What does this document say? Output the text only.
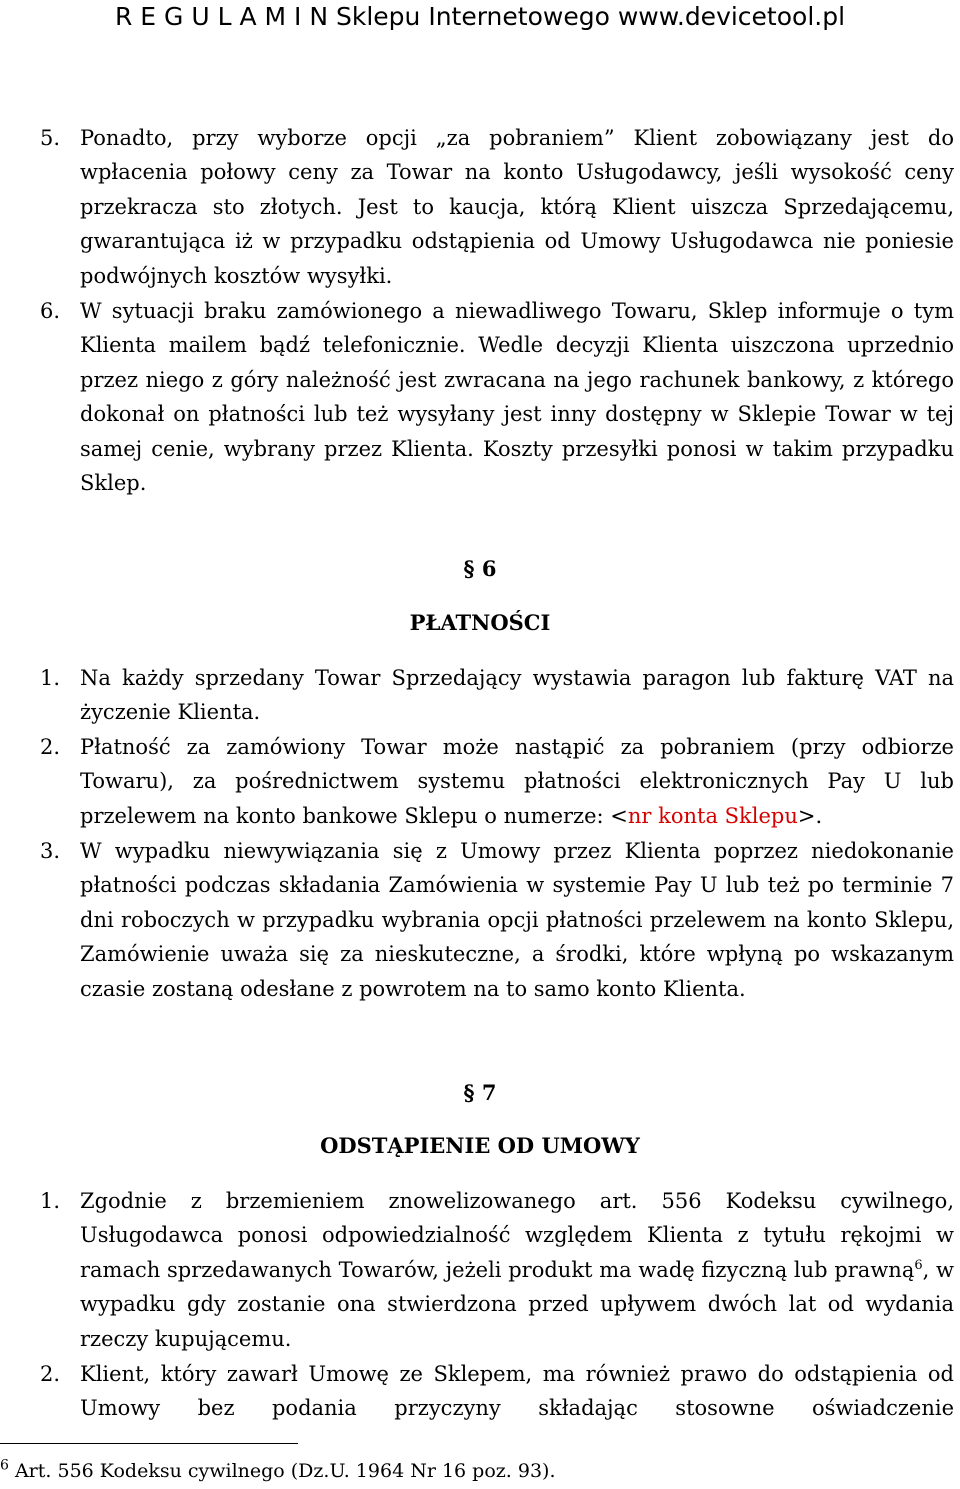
R E G U L A M I N Sklepu Internetowego www.devicetool.pl
5. Ponadto, przy wyborze opcji „za pobraniem” Klient zobowiązany jest do wpłacenia połowy ceny za Towar na konto Usługodawcy, jeśli wysokość ceny przekracza sto złotych. Jest to kaucja, którą Klient uiszcza Sprzedającemu, gwarantująca iż w przypadku odstąpienia od Umowy Usługodawca nie poniesie podwójnych kosztów wysyłki.
6. W sytuacji braku zamówionego a niewadliwego Towaru, Sklep informuje o tym Klienta mailem bądź telefonicznie. Wedle decyzji Klienta uiszczona uprzednio przez niego z góry należność jest zwracana na jego rachunek bankowy, z którego dokonał on płatności lub też wysyłany jest inny dostępny w Sklepie Towar w tej samej cenie, wybrany przez Klienta. Koszty przesyłki ponosi w takim przypadku Sklep.
§ 6
PŁATNOŚCI
1. Na każdy sprzedany Towar Sprzedający wystawia paragon lub fakturę VAT na życzenie Klienta.
2. Płatność za zamówiony Towar może nastąpić za pobraniem (przy odbiorze Towaru), za pośrednictwem systemu płatności elektronicznych Pay U lub przelewem na konto bankowe Sklepu o numerze: <nr konta Sklepu>.
3. W wypadku niewywiązania się z Umowy przez Klienta poprzez niedokonanie płatności podczas składania Zamówienia w systemie Pay U lub też po terminie 7 dni roboczych w przypadku wybrania opcji płatności przelewem na konto Sklepu, Zamówienie uważa się za nieskuteczne, a środki, które wpłyną po wskazanym czasie zostaną odesłane z powrotem na to samo konto Klienta.
§ 7
ODSTĄPIENIE OD UMOWY
1. Zgodnie z brzemieniem znowelizowanego art. 556 Kodeksu cywilnego, Usługodawca ponosi odpowiedzialność względem Klienta z tytułu rękojmi w ramach sprzedawanych Towarów, jeżeli produkt ma wadę fizyczną lub prawną$^6$, w wypadku gdy zostanie ona stwierdzona przed upływem dwóch lat od wydania rzeczy kupującemu.
2. Klient, który zawarł Umowę ze Sklepem, ma również prawo do odstąpienia od Umowy bez podania przyczyny składając stosowne oświadczenie
$^6$ Art. 556 Kodeksu cywilnego (Dz.U. 1964 Nr 16 poz. 93).
